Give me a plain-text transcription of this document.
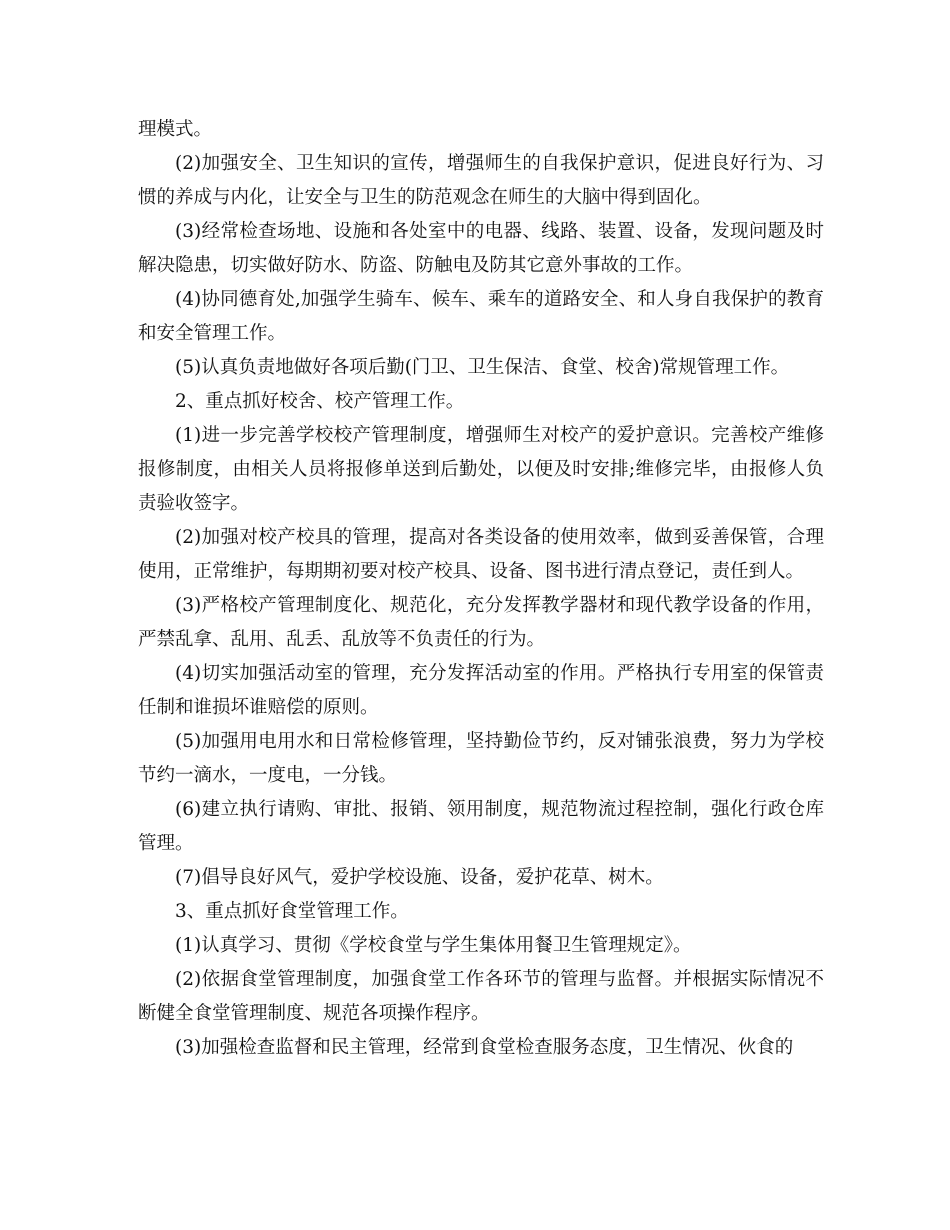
理模式。

(2)加强安全、卫生知识的宣传，增强师生的自我保护意识，促进良好行为、习惯的养成与内化，让安全与卫生的防范观念在师生的大脑中得到固化。

(3)经常检查场地、设施和各处室中的电器、线路、装置、设备，发现问题及时解决隐患，切实做好防水、防盗、防触电及防其它意外事故的工作。

(4)协同德育处,加强学生骑车、候车、乘车的道路安全、和人身自我保护的教育和安全管理工作。

(5)认真负责地做好各项后勤(门卫、卫生保洁、食堂、校舍)常规管理工作。

2、重点抓好校舍、校产管理工作。

(1)进一步完善学校校产管理制度，增强师生对校产的爱护意识。完善校产维修报修制度，由相关人员将报修单送到后勤处，以便及时安排;维修完毕，由报修人负责验收签字。

(2)加强对校产校具的管理，提高对各类设备的使用效率，做到妥善保管，合理使用，正常维护，每期期初要对校产校具、设备、图书进行清点登记，责任到人。

(3)严格校产管理制度化、规范化，充分发挥教学器材和现代教学设备的作用，严禁乱拿、乱用、乱丢、乱放等不负责任的行为。

(4)切实加强活动室的管理，充分发挥活动室的作用。严格执行专用室的保管责任制和谁损坏谁赔偿的原则。

(5)加强用电用水和日常检修管理，坚持勤俭节约，反对铺张浪费，努力为学校节约一滴水，一度电，一分钱。

(6)建立执行请购、审批、报销、领用制度，规范物流过程控制，强化行政仓库管理。

(7)倡导良好风气，爱护学校设施、设备，爱护花草、树木。

3、重点抓好食堂管理工作。

(1)认真学习、贯彻《学校食堂与学生集体用餐卫生管理规定》。

(2)依据食堂管理制度，加强食堂工作各环节的管理与监督。并根据实际情况不断健全食堂管理制度、规范各项操作程序。

(3)加强检查监督和民主管理，经常到食堂检查服务态度，卫生情况、伙食的
